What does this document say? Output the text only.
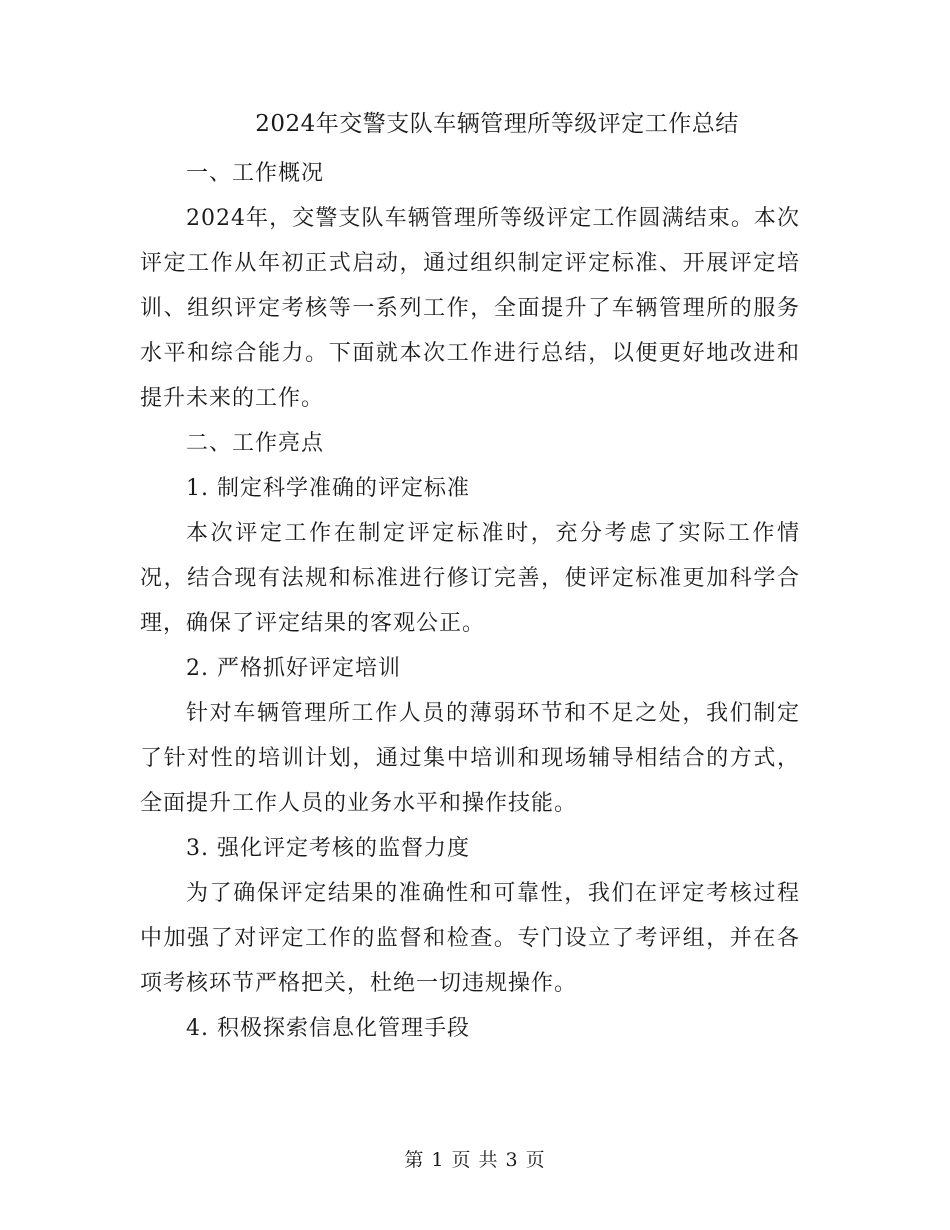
2024年交警支队车辆管理所等级评定工作总结

一、工作概况

2024年，交警支队车辆管理所等级评定工作圆满结束。本次评定工作从年初正式启动，通过组织制定评定标准、开展评定培训、组织评定考核等一系列工作，全面提升了车辆管理所的服务水平和综合能力。下面就本次工作进行总结，以便更好地改进和提升未来的工作。

二、工作亮点

1. 制定科学准确的评定标准

本次评定工作在制定评定标准时，充分考虑了实际工作情况，结合现有法规和标准进行修订完善，使评定标准更加科学合理，确保了评定结果的客观公正。

2. 严格抓好评定培训

针对车辆管理所工作人员的薄弱环节和不足之处，我们制定了针对性的培训计划，通过集中培训和现场辅导相结合的方式，全面提升工作人员的业务水平和操作技能。

3. 强化评定考核的监督力度

为了确保评定结果的准确性和可靠性，我们在评定考核过程中加强了对评定工作的监督和检查。专门设立了考评组，并在各项考核环节严格把关，杜绝一切违规操作。

4. 积极探索信息化管理手段

第 1 页 共 3 页
